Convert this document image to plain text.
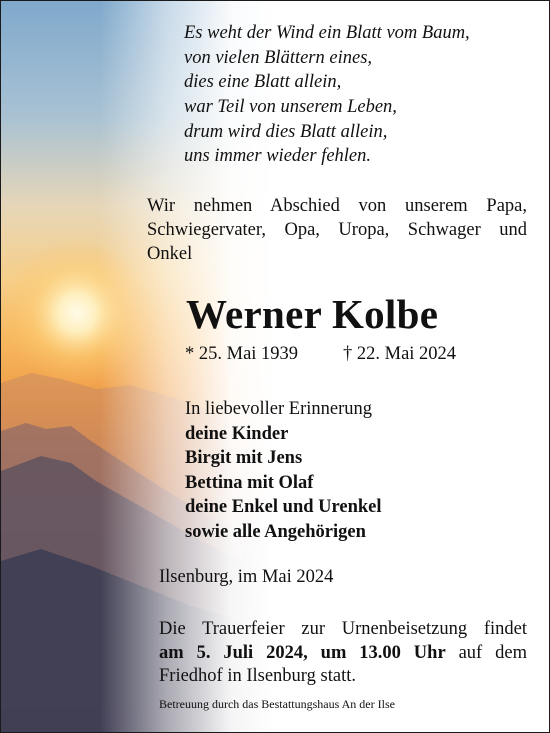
Es weht der Wind ein Blatt vom Baum,
von vielen Blättern eines,
dies eine Blatt allein,
war Teil von unserem Leben,
drum wird dies Blatt allein,
uns immer wieder fehlen.
Wir nehmen Abschied von unserem Papa,
Schwiegervater, Opa, Uropa, Schwager und
Onkel
Werner Kolbe
* 25. Mai 1939 † 22. Mai 2024
In liebevoller Erinnerung
deine Kinder
Birgit mit Jens
Bettina mit Olaf
deine Enkel und Urenkel
sowie alle Angehörigen
Ilsenburg, im Mai 2024
Die Trauerfeier zur Urnenbeisetzung findet
am 5. Juli 2024, um 13.00 Uhr auf dem
Friedhof in Ilsenburg statt.
Betreuung durch das Bestattungshaus An der Ilse
